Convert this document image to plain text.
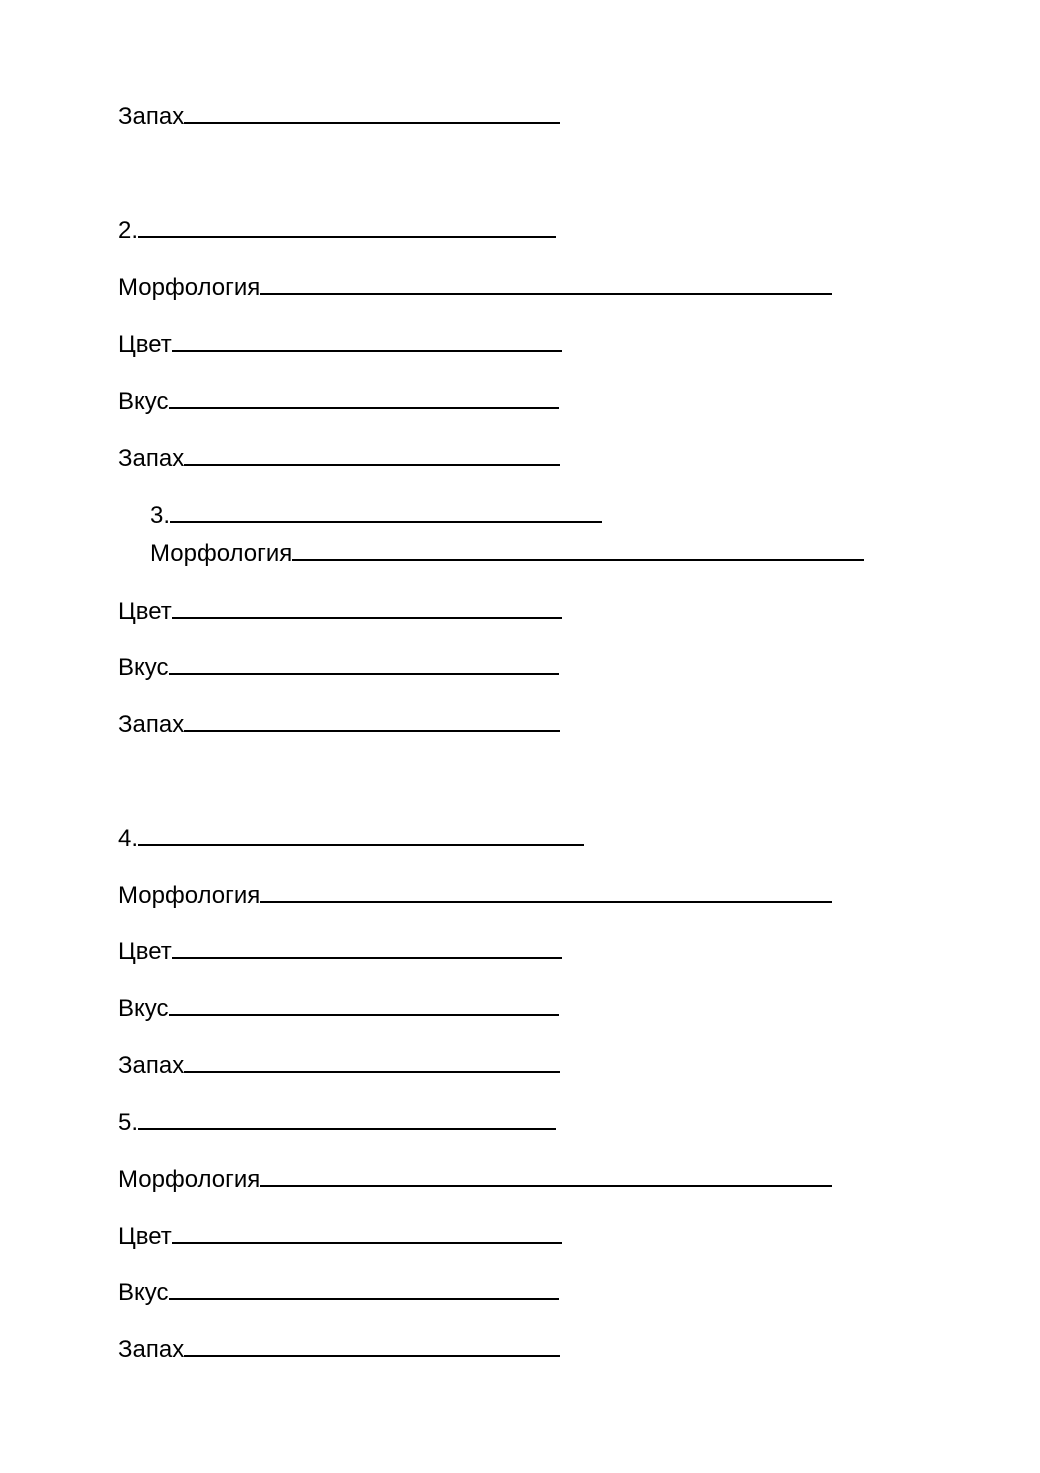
Запах
2.
Морфология
Цвет
Вкус
Запах
3.
Морфология
Цвет
Вкус
Запах
4.
Морфология
Цвет
Вкус
Запах
5.
Морфология
Цвет
Вкус
Запах
